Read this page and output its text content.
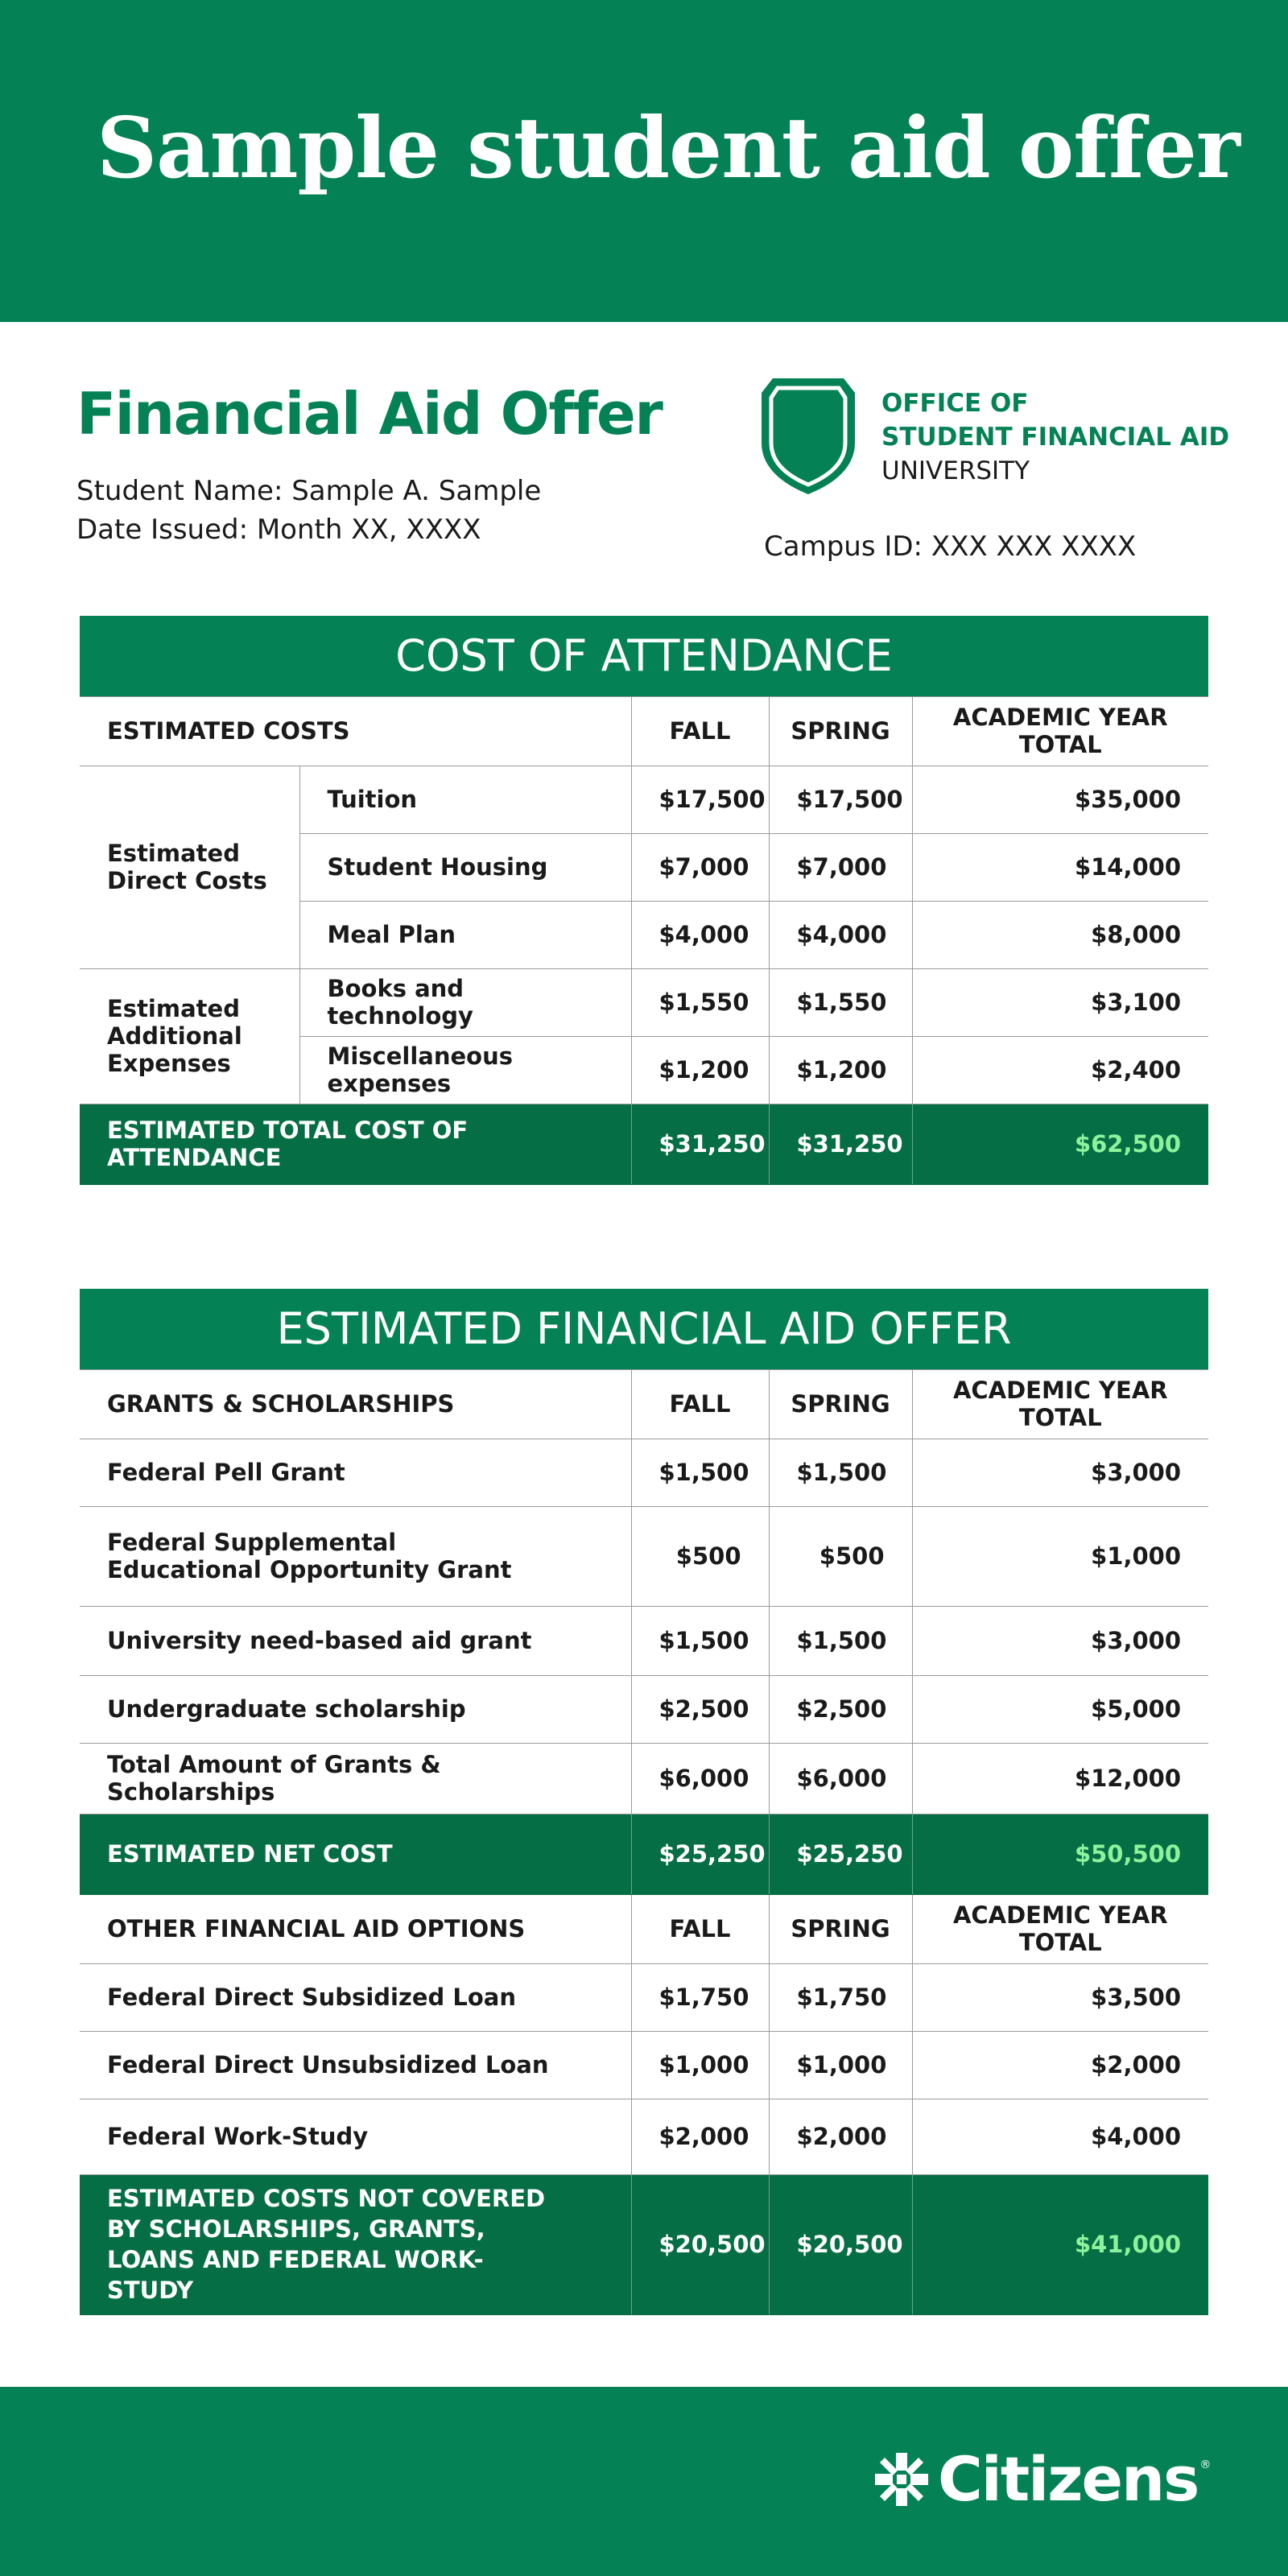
Sample student aid offer
Financial Aid Offer
Student Name: Sample A. Sample
Date Issued: Month XX, XXXX
OFFICE OF
STUDENT FINANCIAL AID
UNIVERSITY
Campus ID: XXX XXX XXXX
COST OF ATTENDANCE				
ESTIMATED COSTS		FALL	SPRING	ACADEMIC YEAR TOTAL
Estimated Direct Costs	Tuition	$17,500	$17,500	$35,000
	Student Housing	$7,000	$7,000	$14,000
	Meal Plan	$4,000	$4,000	$8,000
Estimated Additional Expenses	Books and technology	$1,550	$1,550	$3,100
	Miscellaneous expenses	$1,200	$1,200	$2,400
ESTIMATED TOTAL COST OF ATTENDANCE		$31,250	$31,250	$62,500
ESTIMATED FINANCIAL AID OFFER			
GRANTS & SCHOLARSHIPS	FALL	SPRING	ACADEMIC YEAR TOTAL
Federal Pell Grant	$1,500	$1,500	$3,000
Federal Supplemental Educational Opportunity Grant	$500	$500	$1,000
University need-based aid grant	$1,500	$1,500	$3,000
Undergraduate scholarship	$2,500	$2,500	$5,000
Total Amount of Grants & Scholarships	$6,000	$6,000	$12,000
ESTIMATED NET COST	$25,250	$25,250	$50,500
OTHER FINANCIAL AID OPTIONS	FALL	SPRING	ACADEMIC YEAR TOTAL
Federal Direct Subsidized Loan	$1,750	$1,750	$3,500
Federal Direct Unsubsidized Loan	$1,000	$1,000	$2,000
Federal Work-Study	$2,000	$2,000	$4,000
ESTIMATED COSTS NOT COVERED BY SCHOLARSHIPS, GRANTS, LOANS AND FEDERAL WORK-STUDY	$20,500	$20,500	$41,000
Citizens ®
